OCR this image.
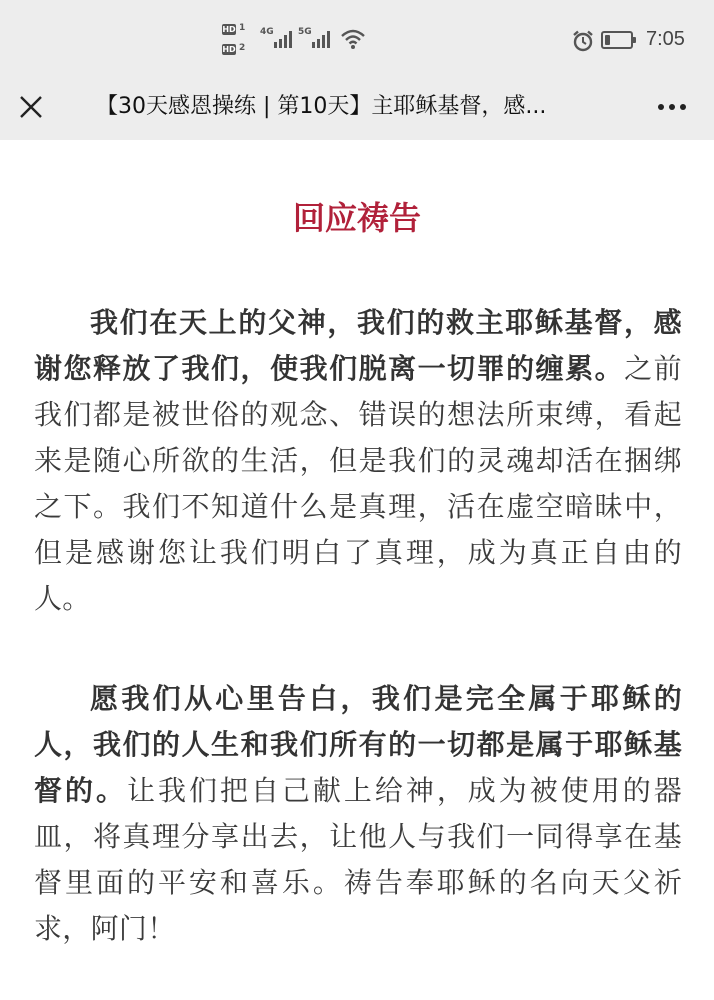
HD 1
HD 2
4G	5G	7:05
【30天感恩操练 | 第10天】主耶稣基督，感...
回应祷告

我们在天上的父神，我们的救主耶稣基督，感谢您释放了我们，使我们脱离一切罪的缠累。之前我们都是被世俗的观念、错误的想法所束缚，看起来是随心所欲的生活，但是我们的灵魂却活在捆绑之下。我们不知道什么是真理，活在虚空暗昧中，但是感谢您让我们明白了真理，成为真正自由的人。

愿我们从心里告白，我们是完全属于耶稣的人，我们的人生和我们所有的一切都是属于耶稣基督的。让我们把自己献上给神，成为被使用的器皿，将真理分享出去，让他人与我们一同得享在基督里面的平安和喜乐。祷告奉耶稣的名向天父祈求，阿门！
